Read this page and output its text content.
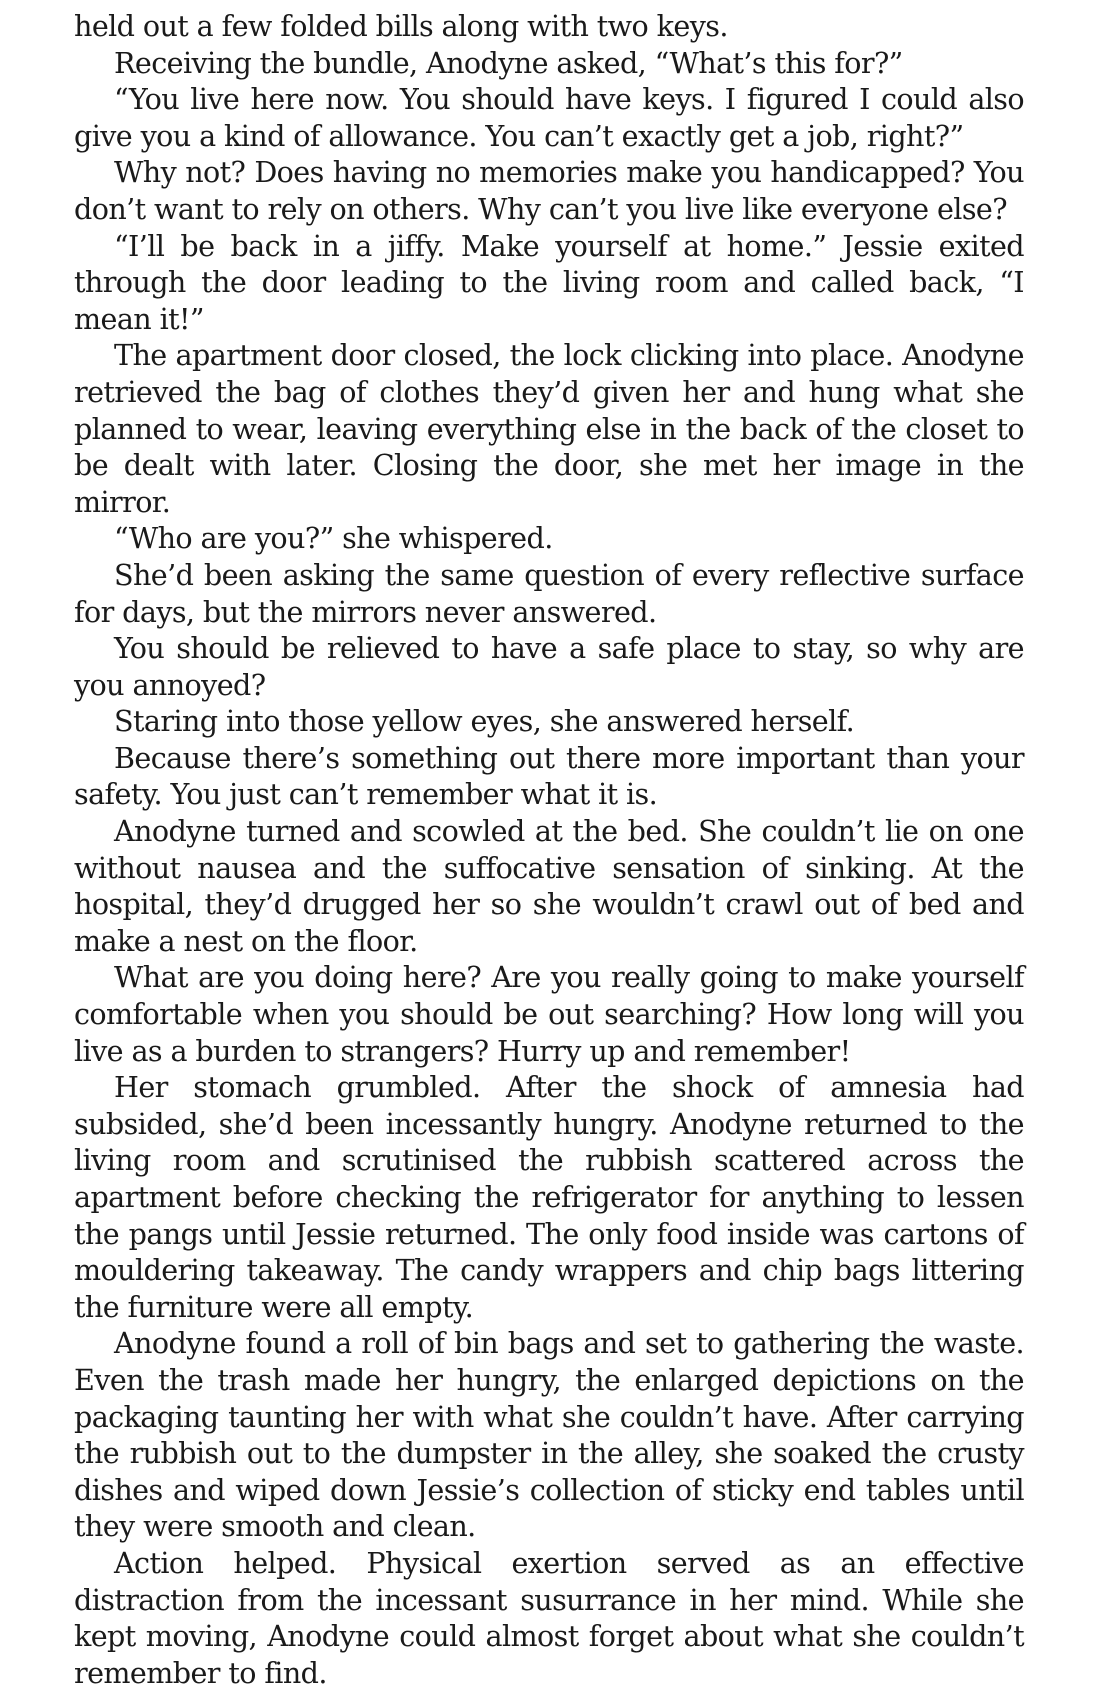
held out a few folded bills along with two keys.

Receiving the bundle, Anodyne asked, “What’s this for?”

“You live here now. You should have keys. I figured I could also give you a kind of allowance. You can’t exactly get a job, right?”

Why not? Does having no memories make you handicapped? You don’t want to rely on others. Why can’t you live like everyone else?

“I’ll be back in a jiffy. Make yourself at home.” Jessie exited through the door leading to the living room and called back, “I mean it!”

The apartment door closed, the lock clicking into place. Anodyne retrieved the bag of clothes they’d given her and hung what she planned to wear, leaving everything else in the back of the closet to be dealt with later. Closing the door, she met her image in the mirror.

“Who are you?” she whispered.

She’d been asking the same question of every reflective surface for days, but the mirrors never answered.

You should be relieved to have a safe place to stay, so why are you annoyed?

Staring into those yellow eyes, she answered herself.

Because there’s something out there more important than your safety. You just can’t remember what it is.

Anodyne turned and scowled at the bed. She couldn’t lie on one without nausea and the suffocative sensation of sinking. At the hospital, they’d drugged her so she wouldn’t crawl out of bed and make a nest on the floor.

What are you doing here? Are you really going to make yourself comfortable when you should be out searching? How long will you live as a burden to strangers? Hurry up and remember!

Her stomach grumbled. After the shock of amnesia had subsided, she’d been incessantly hungry. Anodyne returned to the living room and scrutinised the rubbish scattered across the apartment before checking the refrigerator for anything to lessen the pangs until Jessie returned. The only food inside was cartons of mouldering takeaway. The candy wrappers and chip bags littering the furniture were all empty.

Anodyne found a roll of bin bags and set to gathering the waste. Even the trash made her hungry, the enlarged depictions on the packaging taunting her with what she couldn’t have. After carrying the rubbish out to the dumpster in the alley, she soaked the crusty dishes and wiped down Jessie’s collection of sticky end tables until they were smooth and clean.

Action helped. Physical exertion served as an effective distraction from the incessant susurrance in her mind. While she kept moving, Anodyne could almost forget about what she couldn’t remember to find.
